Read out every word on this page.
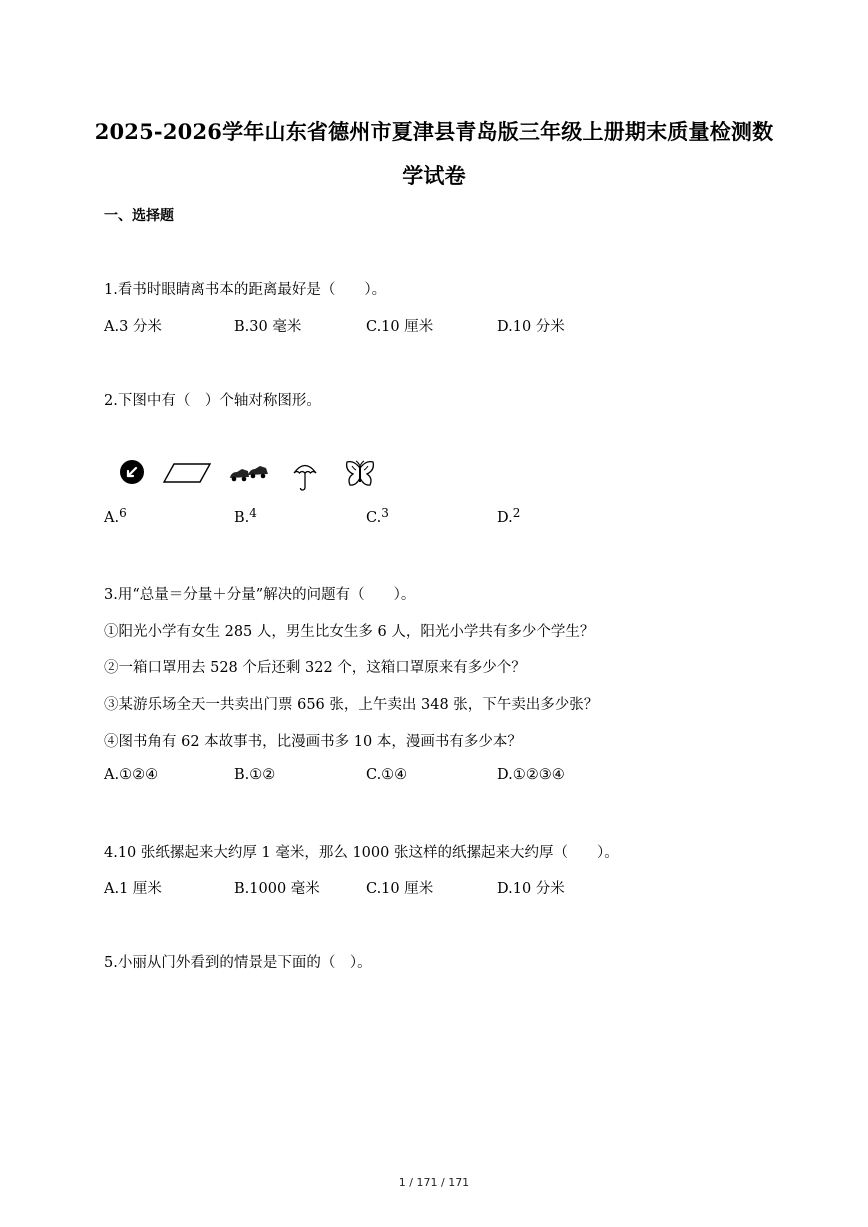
2025-2026学年山东省德州市夏津县青岛版三年级上册期末质量检测数
学试卷
一、选择题
1.看书时眼睛离书本的距离最好是（　　）。
A.3 分米	B.30 毫米	C.10 厘米	D.10 分米
2.下图中有（　）个轴对称图形。
A.$^6$	B.$^4$	C.$^3$	D.$^2$
3.用“总量＝分量＋分量”解决的问题有（　　）。
①阳光小学有女生 285 人，男生比女生多 6 人，阳光小学共有多少个学生？
②一箱口罩用去 528 个后还剩 322 个，这箱口罩原来有多少个？
③某游乐场全天一共卖出门票 656 张，上午卖出 348 张，下午卖出多少张？
④图书角有 62 本故事书，比漫画书多 10 本，漫画书有多少本？
A.①②④	B.①②	C.①④	D.①②③④
4.10 张纸摞起来大约厚 1 毫米，那么 1000 张这样的纸摞起来大约厚（　　）。
A.1 厘米	B.1000 毫米	C.10 厘米	D.10 分米
5.小丽从门外看到的情景是下面的（　）。
1 / 171 / 171
